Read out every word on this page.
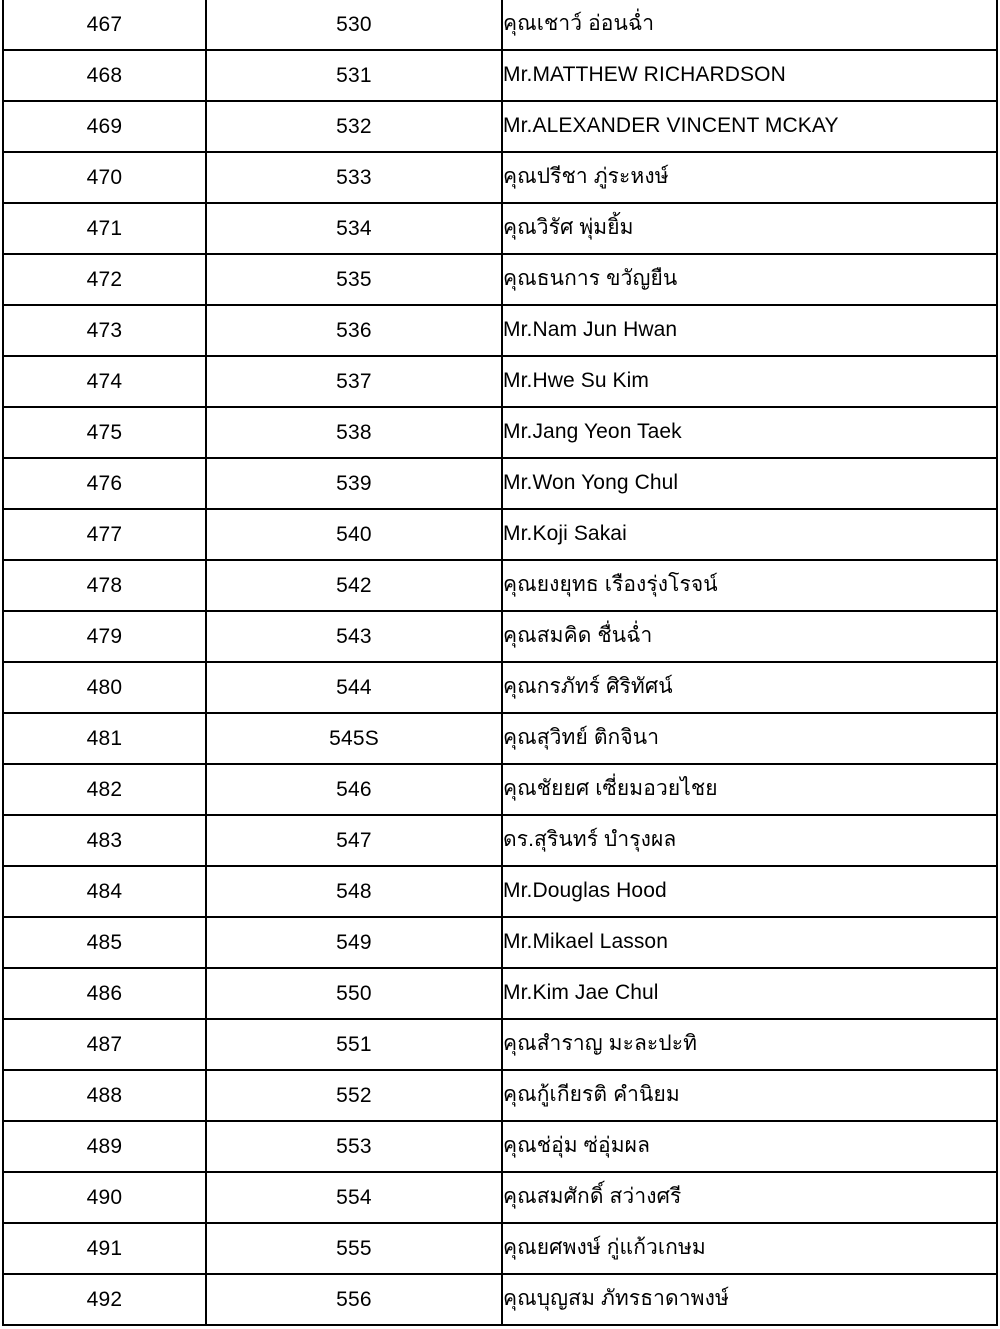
467	530	คุณเชาว์ อ่อนฉ่ำ
468	531	Mr.MATTHEW RICHARDSON
469	532	Mr.ALEXANDER VINCENT MCKAY
470	533	คุณปรีชา ภู่ระหงษ์
471	534	คุณวิรัศ พุ่มยิ้ม
472	535	คุณธนการ ขวัญยืน
473	536	Mr.Nam Jun Hwan
474	537	Mr.Hwe Su Kim
475	538	Mr.Jang Yeon Taek
476	539	Mr.Won Yong Chul
477	540	Mr.Koji Sakai
478	542	คุณยงยุทธ เรืองรุ่งโรจน์
479	543	คุณสมคิด ชื่นฉ่ำ
480	544	คุณกรภัทร์ ศิริทัศน์
481	545S	คุณสุวิทย์ ติกจินา
482	546	คุณชัยยศ เซี่ยมอวยไชย
483	547	ดร.สุรินทร์ บำรุงผล
484	548	Mr.Douglas Hood
485	549	Mr.Mikael Lasson
486	550	Mr.Kim Jae Chul
487	551	คุณสำราญ มะละปะทิ
488	552	คุณกู้เกียรติ คำนิยม
489	553	คุณช่อุ่ม ซ่อุ่มผล
490	554	คุณสมศักดิ์ สว่างศรี
491	555	คุณยศพงษ์ กู่แก้วเกษม
492	556	คุณบุญสม ภัทรธาดาพงษ์
